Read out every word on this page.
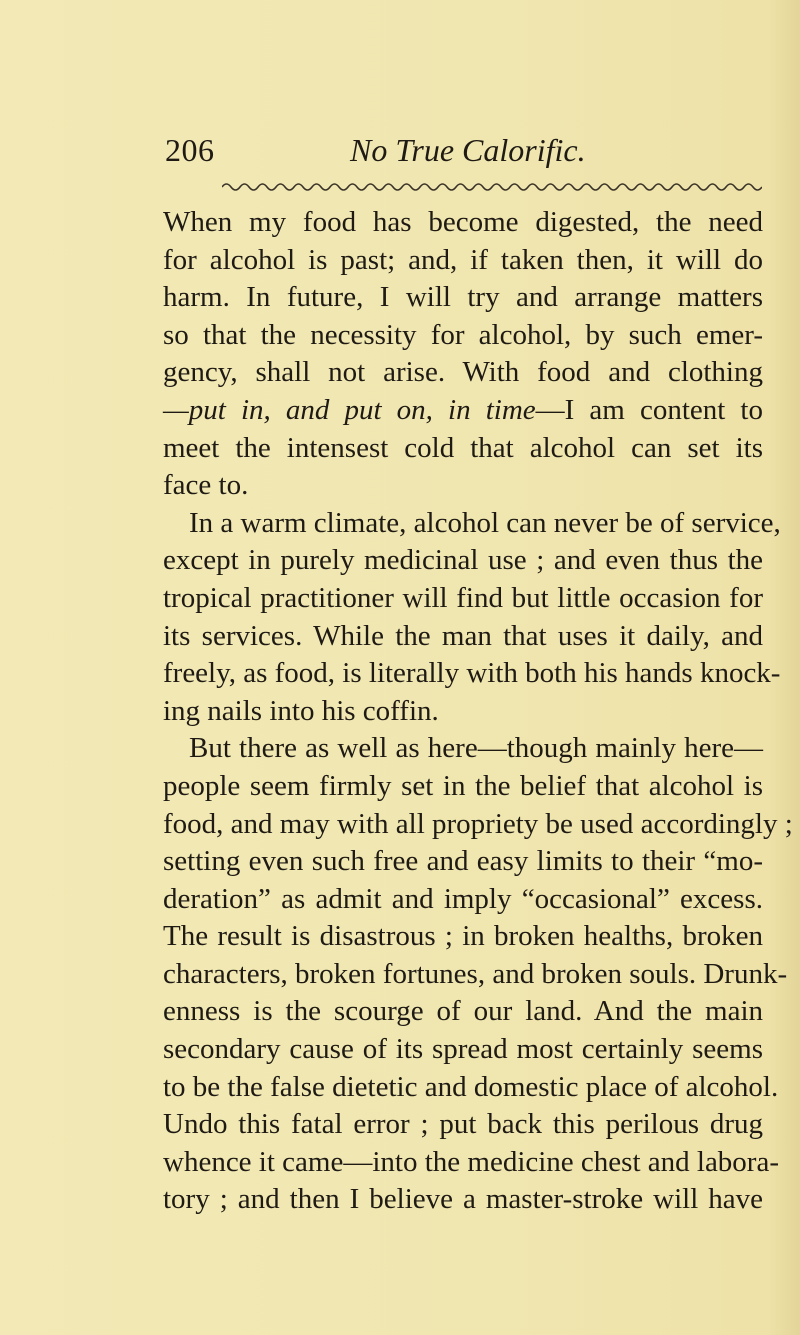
206	No True Calorific.
When my food has become digested, the need
for alcohol is past; and, if taken then, it will do
harm. In future, I will try and arrange matters
so that the necessity for alcohol, by such emer-
gency, shall not arise. With food and clothing
—put in, and put on, in time—I am content to
meet the intensest cold that alcohol can set its
face to.
In a warm climate, alcohol can never be of service,
except in purely medicinal use ; and even thus the
tropical practitioner will find but little occasion for
its services. While the man that uses it daily, and
freely, as food, is literally with both his hands knock-
ing nails into his coffin.
But there as well as here—though mainly here—
people seem firmly set in the belief that alcohol is
food, and may with all propriety be used accordingly ;
setting even such free and easy limits to their “mo-
deration” as admit and imply “occasional” excess.
The result is disastrous ; in broken healths, broken
characters, broken fortunes, and broken souls. Drunk-
enness is the scourge of our land. And the main
secondary cause of its spread most certainly seems
to be the false dietetic and domestic place of alcohol.
Undo this fatal error ; put back this perilous drug
whence it came—into the medicine chest and labora-
tory ; and then I believe a master-stroke will have
